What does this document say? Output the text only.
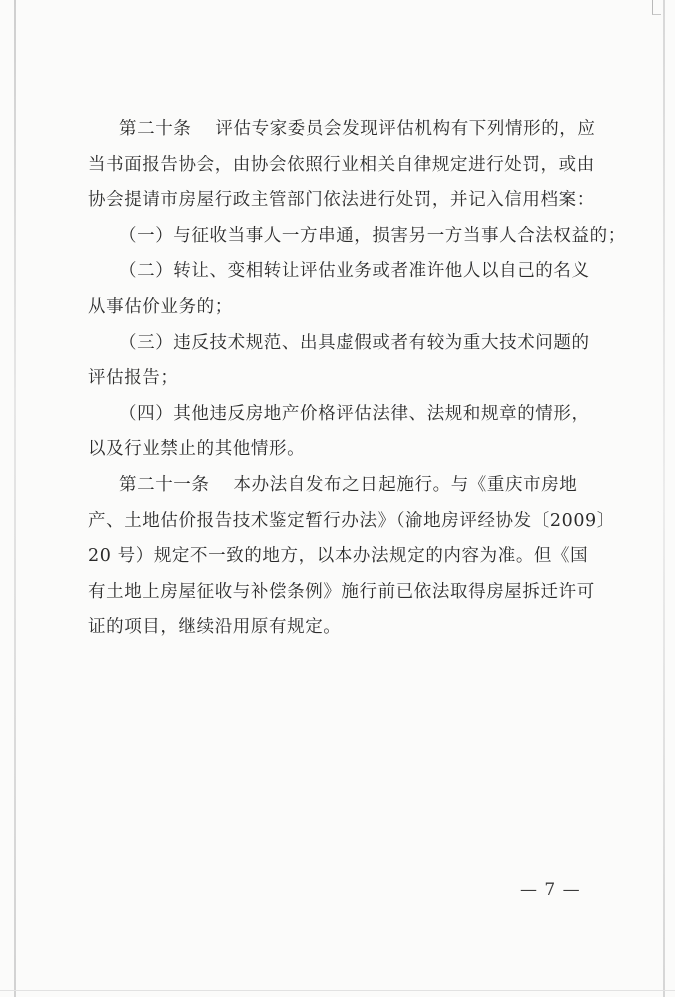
第二十条 评估专家委员会发现评估机构有下列情形的，应
当书面报告协会，由协会依照行业相关自律规定进行处罚，或由
协会提请市房屋行政主管部门依法进行处罚，并记入信用档案：
（一）与征收当事人一方串通，损害另一方当事人合法权益的；
（二）转让、变相转让评估业务或者准许他人以自己的名义
从事估价业务的；
（三）违反技术规范、出具虚假或者有较为重大技术问题的
评估报告；
（四）其他违反房地产价格评估法律、法规和规章的情形，
以及行业禁止的其他情形。
第二十一条 本办法自发布之日起施行。与《重庆市房地
产、土地估价报告技术鉴定暂行办法》（渝地房评经协发〔2009〕
20 号）规定不一致的地方，以本办法规定的内容为准。但《国
有土地上房屋征收与补偿条例》施行前已依法取得房屋拆迁许可
证的项目，继续沿用原有规定。
— 7 —
